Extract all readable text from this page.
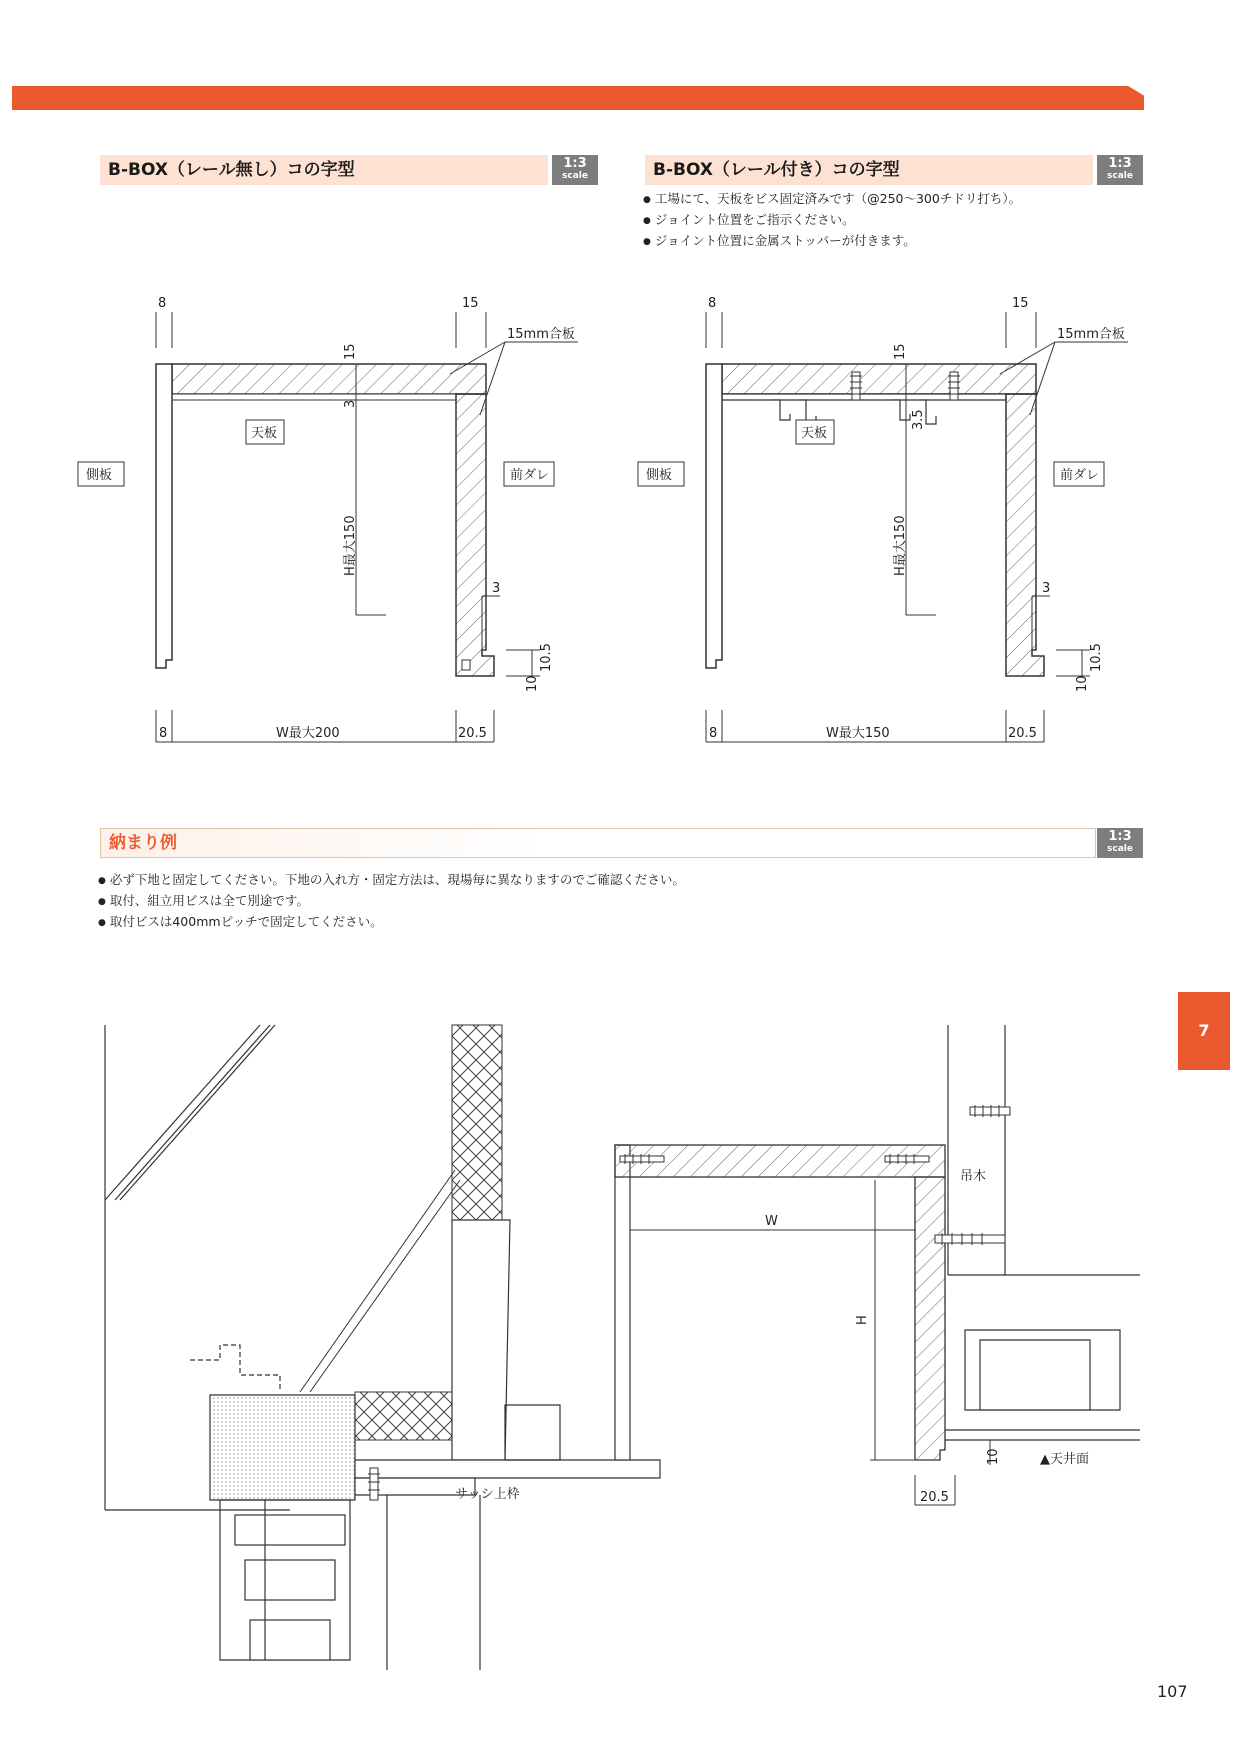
B-BOX（レール無し）コの字型	1:3
scale	B-BOX（レール付き）コの字型	1:3
scale
● 工場にて、天板をビス固定済みです（@250～300チドリ打ち）。
● ジョイント位置をご指示ください。
● ジョイント位置に金属ストッパーが付きます。
8	15
15mm合板
15
3
天板
側板	前ダレ
H最大150
3
10.5
10
8	W最大200	20.5
8	15
15mm合板
15
3.5
天板
側板	前ダレ
H最大150
3
10.5
10
8	W最大150	20.5
納まり例	1:3
scale
● 必ず下地と固定してください。下地の入れ方・固定方法は、現場毎に異なりますのでご確認ください。
● 取付、組立用ビスは全て別途です。
● 取付ビスは400mmピッチで固定してください。
サッシ上枠
吊木
W
H
10	▲天井面
20.5
7
107
